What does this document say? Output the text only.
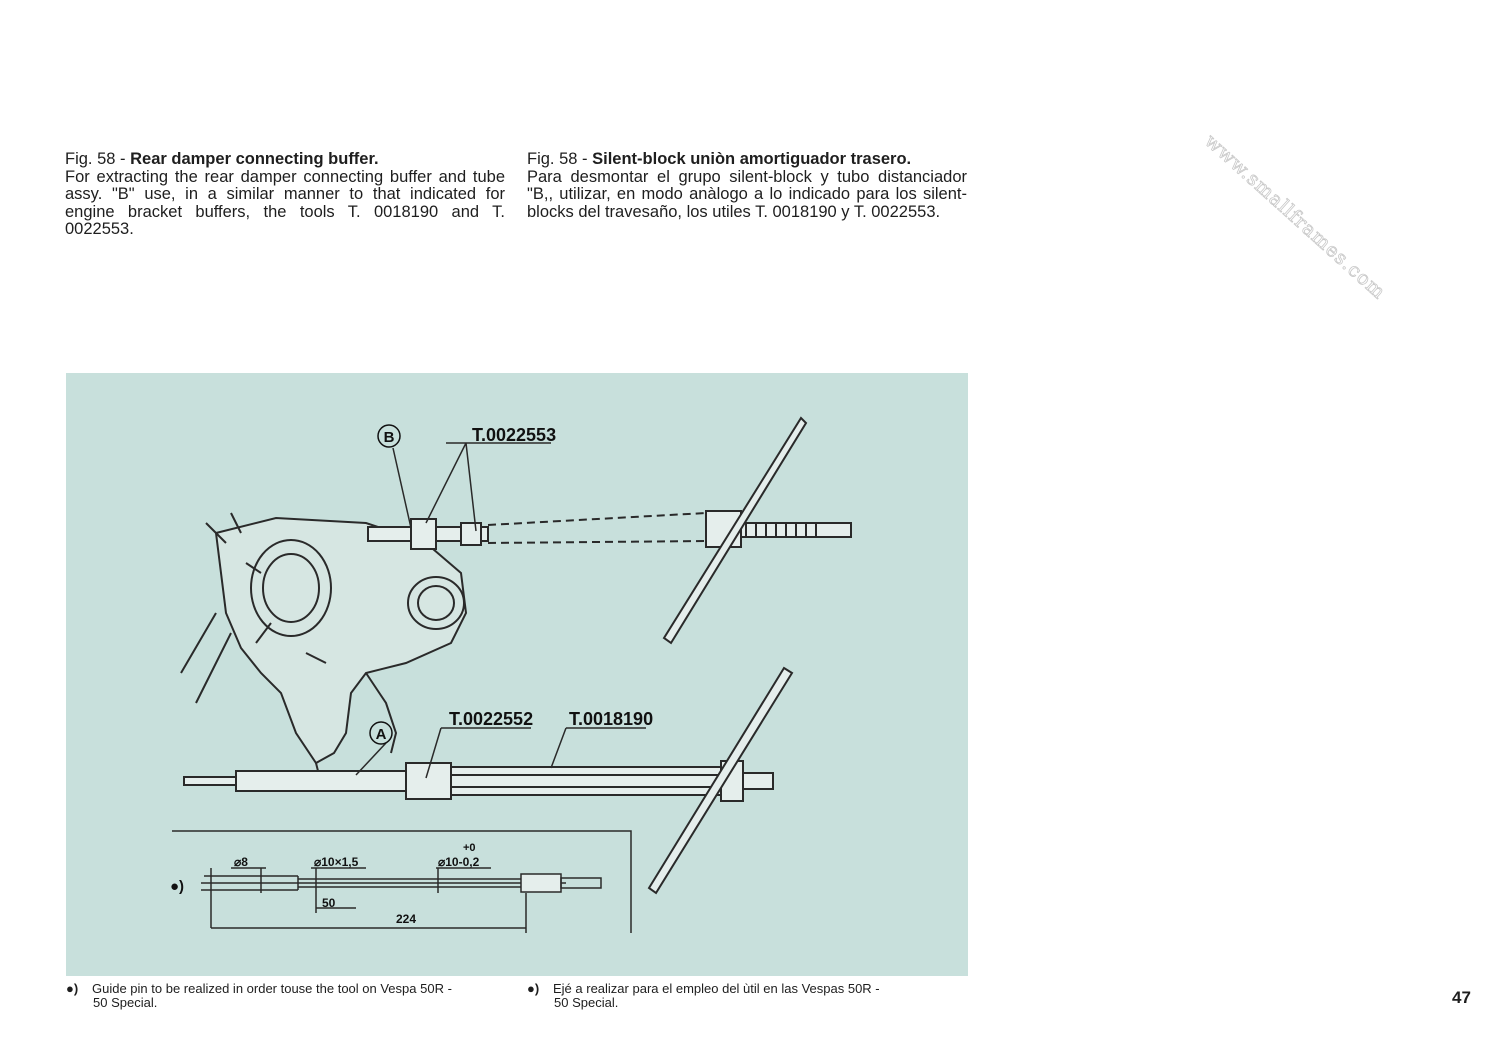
www.smallframes.com

Fig. 58 - Rear damper connecting buffer.
For extracting the rear damper connecting buffer and tube assy. "B" use, in a similar manner to that indicated for engine bracket buffers, the tools T. 0018190 and T. 0022553.

Fig. 58 - Silent-block uniòn amortiguador trasero.
Para desmontar el grupo silent-block y tubo distanciador "B,, utilizar, en modo anàlogo a lo indicado para los silent-blocks del travesaño, los utiles T. 0018190 y T. 0022553.

B	T.0022553
A
T.0022552 T.0018190
⌀8	⌀10×1,5
+0
⌀10-0,2
50
224
●)
●) Guide pin to be realized in order touse the tool on Vespa 50R -
50 Special.
●) Ejé a realizar para el empleo del ùtil en las Vespas 50R -
50 Special.	47
